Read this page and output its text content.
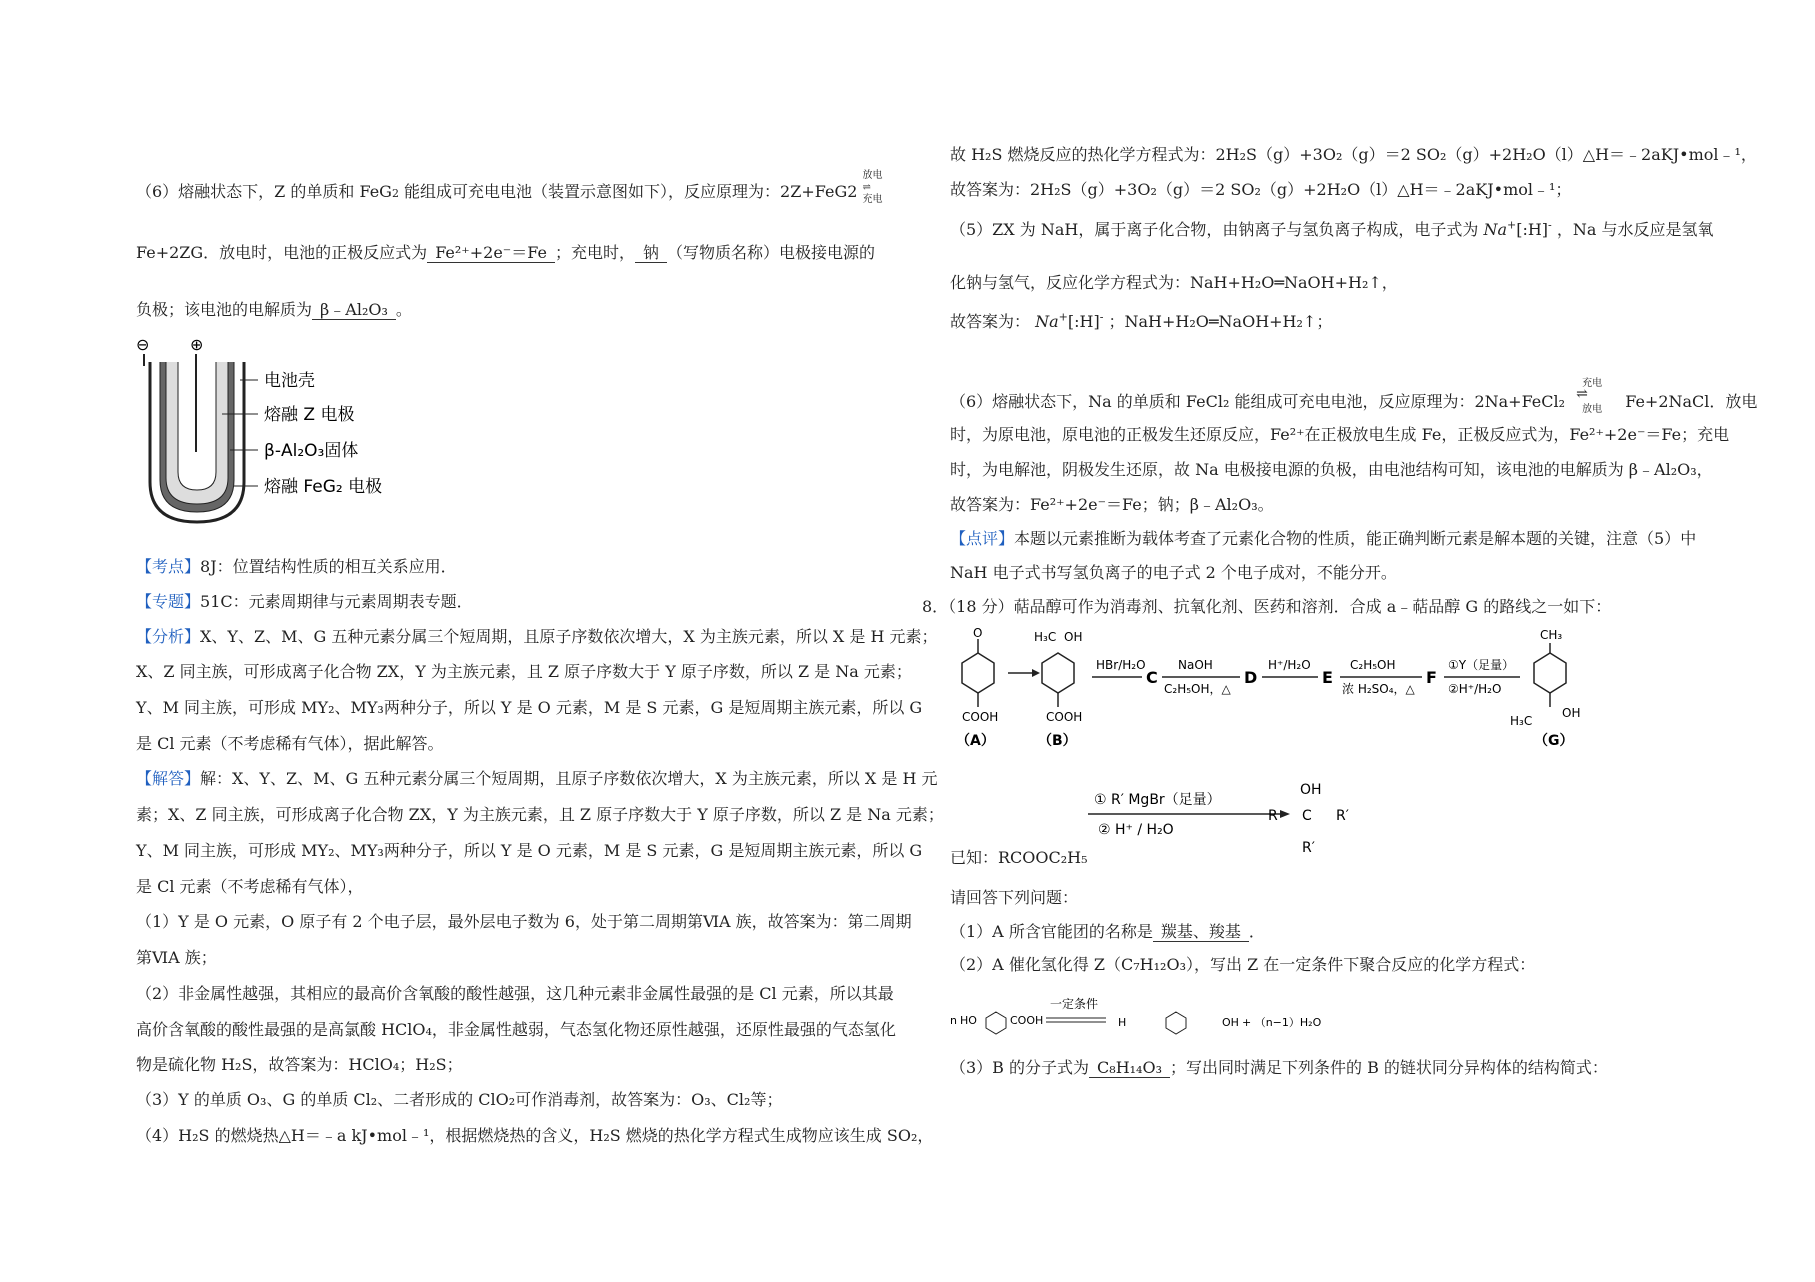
（6）熔融状态下，Z 的单质和 FeG2 能组成可充电电池（装置示意图如下），反应原理为：2Z+FeG2
放电
⇌
充电
Fe+2ZG．放电时，电池的正极反应式为 Fe²⁺+2e⁻＝Fe ；充电时， 钠 （写物质名称）电极接电源的
负极；该电池的电解质为 β﹣Al₂O₃ 。
⊖	⊕
电池壳
熔融 Z 电极
β-Al₂O₃固体
熔融 FeG₂ 电极
【考点】8J：位置结构性质的相互关系应用．
【专题】51C：元素周期律与元素周期表专题．
【分析】X、Y、Z、M、G 五种元素分属三个短周期，且原子序数依次增大，X 为主族元素，所以 X 是 H 元素；
X、Z 同主族，可形成离子化合物 ZX，Y 为主族元素，且 Z 原子序数大于 Y 原子序数，所以 Z 是 Na 元素；
Y、M 同主族，可形成 MY₂、MY₃两种分子，所以 Y 是 O 元素，M 是 S 元素，G 是短周期主族元素，所以 G
是 Cl 元素（不考虑稀有气体），据此解答。
【解答】解：X、Y、Z、M、G 五种元素分属三个短周期，且原子序数依次增大，X 为主族元素，所以 X 是 H 元
素；X、Z 同主族，可形成离子化合物 ZX，Y 为主族元素，且 Z 原子序数大于 Y 原子序数，所以 Z 是 Na 元素；
Y、M 同主族，可形成 MY₂、MY₃两种分子，所以 Y 是 O 元素，M 是 S 元素，G 是短周期主族元素，所以 G
是 Cl 元素（不考虑稀有气体），
（1）Y 是 O 元素，O 原子有 2 个电子层，最外层电子数为 6，处于第二周期第ⅥA 族，故答案为：第二周期
第ⅥA 族；
（2）非金属性越强，其相应的最高价含氧酸的酸性越强，这几种元素非金属性最强的是 Cl 元素，所以其最
高价含氧酸的酸性最强的是高氯酸 HClO₄，非金属性越弱，气态氢化物还原性越强，还原性最强的气态氢化
物是硫化物 H₂S，故答案为：HClO₄；H₂S；
（3）Y 的单质 O₃、G 的单质 Cl₂、二者形成的 ClO₂可作消毒剂，故答案为：O₃、Cl₂等；
（4）H₂S 的燃烧热△H＝﹣a kJ•mol﹣¹，根据燃烧热的含义，H₂S 燃烧的热化学方程式生成物应该生成 SO₂，
故 H₂S 燃烧反应的热化学方程式为：2H₂S（g）+3O₂（g）＝2 SO₂（g）+2H₂O（l）△H＝﹣2aKJ•mol﹣¹，
故答案为：2H₂S（g）+3O₂（g）＝2 SO₂（g）+2H₂O（l）△H＝﹣2aKJ•mol﹣¹；
（5）ZX 为 NaH，属于离子化合物，由钠离子与氢负离子构成，电子式为 Na+[:H]- ，Na 与水反应是氢氧
化钠与氢气，反应化学方程式为：NaH+H₂O═NaOH+H₂↑，
故答案为： Na+[:H]- ；NaH+H₂O═NaOH+H₂↑；
（6）熔融状态下，Na 的单质和 FeCl₂ 能组成可充电电池，反应原理为：2Na+FeCl₂
充电
⇌
放电 Fe+2NaCl．放电
时，为原电池，原电池的正极发生还原反应，Fe²⁺在正极放电生成 Fe，正极反应式为，Fe²⁺+2e⁻＝Fe；充电
时，为电解池，阴极发生还原，故 Na 电极接电源的负极，由电池结构可知，该电池的电解质为 β﹣Al₂O₃，
故答案为：Fe²⁺+2e⁻＝Fe；钠；β﹣Al₂O₃。
【点评】本题以元素推断为载体考查了元素化合物的性质，能正确判断元素是解本题的关键，注意（5）中
NaH 电子式书写氢负离子的电子式 2 个电子成对，不能分开。
8．（18 分）萜品醇可作为消毒剂、抗氧化剂、医药和溶剂．合成 a﹣萜品醇 G 的路线之一如下：
O
COOH
（A）
H₃C OH
COOH
（B）
HBr/H₂O
C
NaOH
C₂H₅OH，△
D
H⁺/H₂O
E
C₂H₅OH
浓 H₂SO₄，△
F
①Y（足量）
②H⁺/H₂O
CH₃
H₃C
OH
（G）
① R′ MgBr（足量）
② H⁺ / H₂O
OH
R C R′
R′
已知：RCOOC₂H₅
请回答下列问题：
（1）A 所含官能团的名称是 羰基、羧基 ．
（2）A 催化氢化得 Z（C₇H₁₂O₃），写出 Z 在一定条件下聚合反应的化学方程式：
n HO	COOH
一定条件
H	OH + （n−1）H₂O
（3）B 的分子式为 C₈H₁₄O₃ ；写出同时满足下列条件的 B 的链状同分异构体的结构简式：
